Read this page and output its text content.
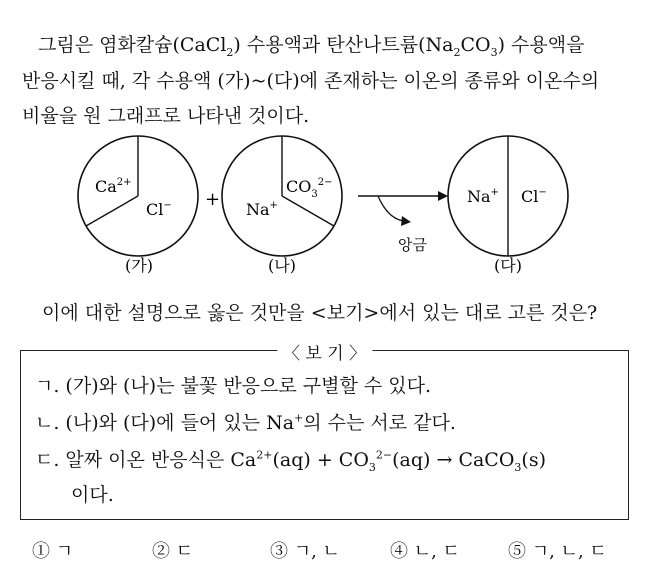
그림은 염화칼슘(CaCl$_2$) 수용액과 탄산나트륨$(Na_2CO_3)$ 수용액을
반응시킬 때, 각 수용액 (가)~(다)에 존재하는 이온의 종류와 이온수의
비율을 원 그래프로 나타낸 것이다.
$Ca^{2+}$
Cl−
(가)
+ Na+
$CO_3^{2-}$
(나)
앙금
Na+ Cl−
(다)
이에 대한 설명으로 옳은 것만을 <보기>에서 있는 대로 고른 것은?
〈 보 기 〉
ㄱ. (가)와 (나)는 불꽃 반응으로 구별할 수 있다.
ㄴ. (나)와 (다)에 들어 있는 Na+의 수는 서로 같다.
ㄷ. 알짜 이온 반응식은 $Ca^{2+}(aq) + CO_3^{2-}(aq)$ → CaCO$_3$(s)
이다.
① ㄱ	② ㄷ	③ ㄱ, ㄴ	④ ㄴ, ㄷ	⑤ ㄱ, ㄴ, ㄷ
